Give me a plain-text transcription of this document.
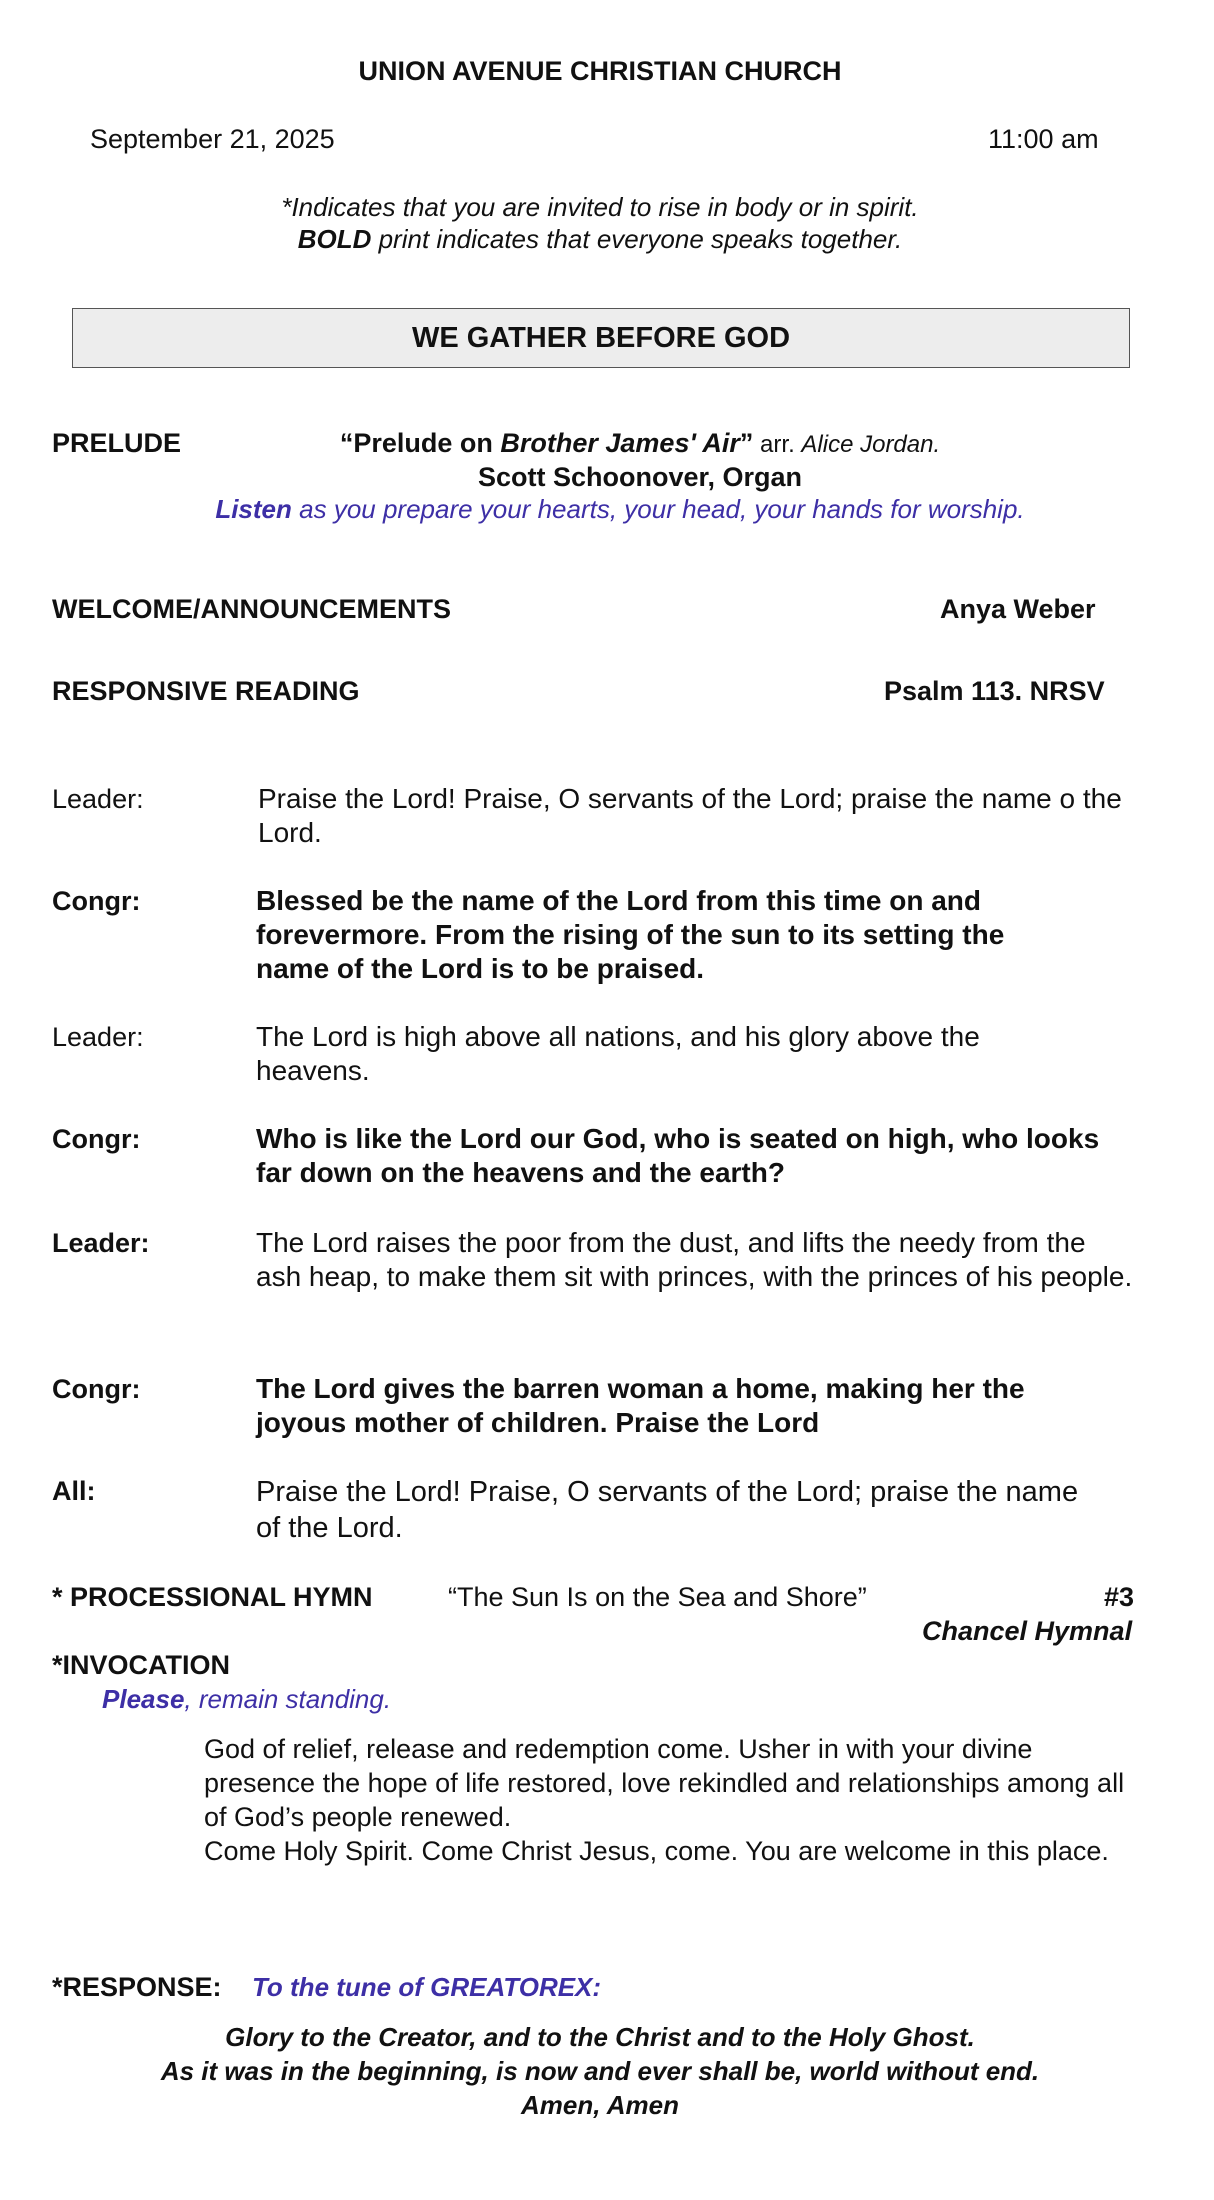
UNION AVENUE CHRISTIAN CHURCH
September 21, 2025	11:00 am
*Indicates that you are invited to rise in body or in spirit.
BOLD print indicates that everyone speaks together.
WE GATHER BEFORE GOD
PRELUDE	“Prelude on Brother James' Air” arr. Alice Jordan.
Scott Schoonover, Organ
Listen as you prepare your hearts, your head, your hands for worship.
WELCOME/ANNOUNCEMENTS	Anya Weber
RESPONSIVE READING	Psalm 113. NRSV
Leader:	Praise the Lord! Praise, O servants of the Lord; praise the name o the Lord.
Congr:	Blessed be the name of the Lord from this time on and forevermore. From the rising of the sun to its setting the name of the Lord is to be praised.
Leader:	The Lord is high above all nations, and his glory above the heavens.
Congr:	Who is like the Lord our God, who is seated on high, who looks far down on the heavens and the earth?
Leader:	The Lord raises the poor from the dust, and lifts the needy from the ash heap, to make them sit with princes, with the princes of his people.
Congr:	The Lord gives the barren woman a home, making her the joyous mother of children. Praise the Lord
All:	Praise the Lord! Praise, O servants of the Lord; praise the name of the Lord.
* PROCESSIONAL HYMN	“The Sun Is on the Sea and Shore”	#3
Chancel Hymnal
*INVOCATION
Please, remain standing.
God of relief, release and redemption come. Usher in with your divine presence the hope of life restored, love rekindled and relationships among all of God’s people renewed.
Come Holy Spirit. Come Christ Jesus, come. You are welcome in this place.
*RESPONSE: To the tune of GREATOREX:
Glory to the Creator, and to the Christ and to the Holy Ghost.
As it was in the beginning, is now and ever shall be, world without end.
Amen, Amen
